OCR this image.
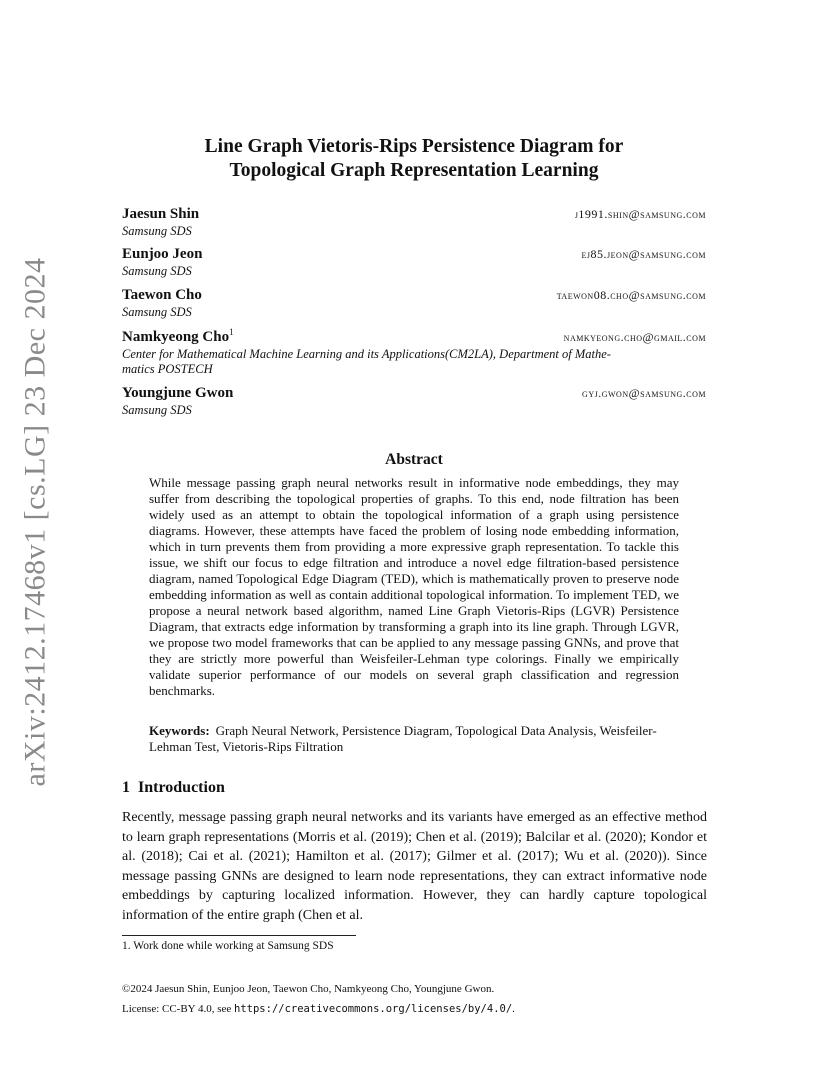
arXiv:2412.17468v1 [cs.LG] 23 Dec 2024
Line Graph Vietoris-Rips Persistence Diagram for
Topological Graph Representation Learning
Jaesun Shin	j1991.shin@samsung.com
Samsung SDS
Eunjoo Jeon	ej85.jeon@samsung.com
Samsung SDS
Taewon Cho	taewon08.cho@samsung.com
Samsung SDS
Namkyeong Cho$^1$	namkyeong.cho@gmail.com
Center for Mathematical Machine Learning and its Applications(CM2LA), Department of Mathe-
matics POSTECH
Youngjune Gwon	gyj.gwon@samsung.com
Samsung SDS
Abstract
While message passing graph neural networks result in informative node embeddings, they may suffer from describing the topological properties of graphs. To this end, node filtration has been widely used as an attempt to obtain the topological information of a graph using persistence diagrams. However, these attempts have faced the problem of losing node embedding information, which in turn prevents them from providing a more expressive graph representation. To tackle this issue, we shift our focus to edge filtration and introduce a novel edge filtration-based persistence diagram, named Topological Edge Diagram (TED), which is mathematically proven to preserve node embedding information as well as contain additional topological information. To implement TED, we propose a neural network based algorithm, named Line Graph Vietoris-Rips (LGVR) Persistence Diagram, that extracts edge information by transforming a graph into its line graph. Through LGVR, we propose two model frameworks that can be applied to any message passing GNNs, and prove that they are strictly more powerful than Weisfeiler-Lehman type colorings. Finally we empirically validate superior performance of our models on several graph classification and regression benchmarks.
Keywords: Graph Neural Network, Persistence Diagram, Topological Data Analysis, Weisfeiler-Lehman Test, Vietoris-Rips Filtration
1 Introduction
Recently, message passing graph neural networks and its variants have emerged as an effective method to learn graph representations (Morris et al. (2019); Chen et al. (2019); Balcilar et al. (2020); Kondor et al. (2018); Cai et al. (2021); Hamilton et al. (2017); Gilmer et al. (2017); Wu et al. (2020)). Since message passing GNNs are designed to learn node representations, they can extract informative node embeddings by capturing localized information. However, they can hardly capture topological information of the entire graph (Chen et al.
1. Work done while working at Samsung SDS
©2024 Jaesun Shin, Eunjoo Jeon, Taewon Cho, Namkyeong Cho, Youngjune Gwon.
License: CC-BY 4.0, see https://creativecommons.org/licenses/by/4.0/.
